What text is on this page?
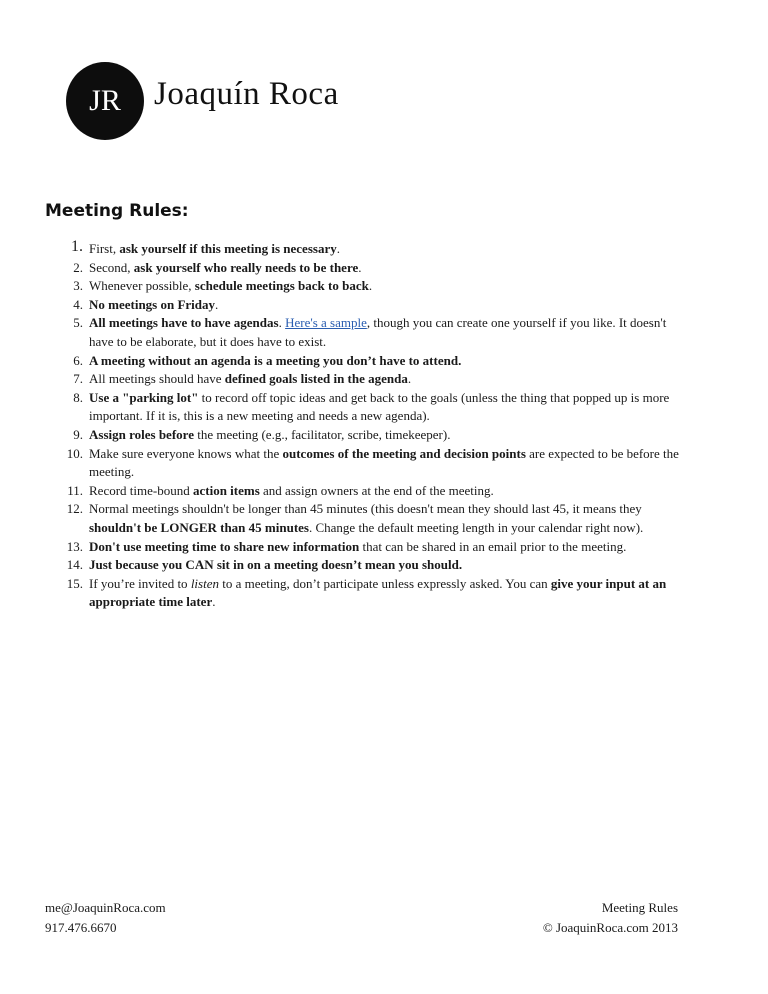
JR Joaquín Roca
Meeting Rules:
1. First, ask yourself if this meeting is necessary.
2. Second, ask yourself who really needs to be there.
3. Whenever possible, schedule meetings back to back.
4. No meetings on Friday.
5. All meetings have to have agendas. Here's a sample, though you can create one yourself if you like. It doesn't have to be elaborate, but it does have to exist.
6. A meeting without an agenda is a meeting you don’t have to attend.
7. All meetings should have defined goals listed in the agenda.
8. Use a "parking lot" to record off topic ideas and get back to the goals (unless the thing that popped up is more important. If it is, this is a new meeting and needs a new agenda).
9. Assign roles before the meeting (e.g., facilitator, scribe, timekeeper).
10. Make sure everyone knows what the outcomes of the meeting and decision points are expected to be before the meeting.
11. Record time-bound action items and assign owners at the end of the meeting.
12. Normal meetings shouldn't be longer than 45 minutes (this doesn't mean they should last 45, it means they shouldn't be LONGER than 45 minutes. Change the default meeting length in your calendar right now).
13. Don't use meeting time to share new information that can be shared in an email prior to the meeting.
14. Just because you CAN sit in on a meeting doesn’t mean you should.
15. If you’re invited to listen to a meeting, don’t participate unless expressly asked. You can give your input at an appropriate time later.
me@JoaquinRoca.com
917.476.6670
Meeting Rules
© JoaquinRoca.com 2013
